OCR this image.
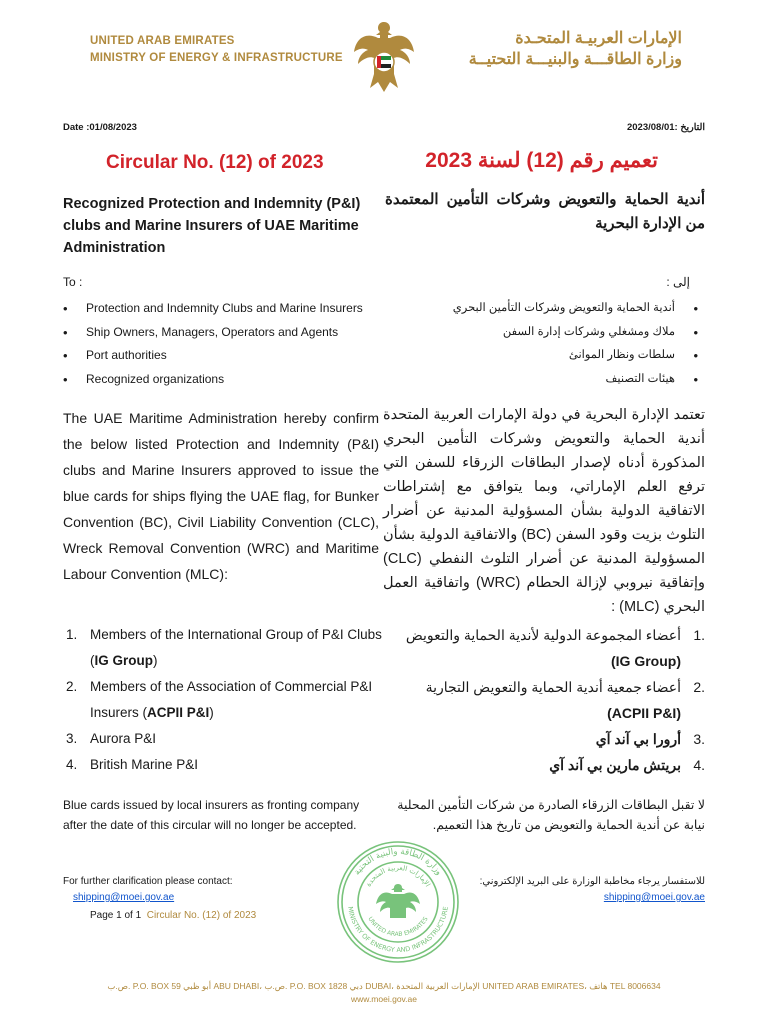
UNITED ARAB EMIRATES
MINISTRY OF ENERGY & INFRASTRUCTURE
الإمارات العربيـة المتحـدة
وزارة الطاقـــة والبنيـــة التحتيــة
Date :01/08/2023	التاريخ :2023/08/01
Circular No. (12) of 2023	تعميم رقم (12) لسنة 2023
Recognized Protection and Indemnity (P&I) clubs and Marine Insurers of UAE Maritime Administration
أندية الحماية والتعويض وشركات التأمين المعتمدة من الإدارة البحرية
To :	إلى :
• Protection and Indemnity Clubs and Marine Insurers
• Ship Owners, Managers, Operators and Agents
• Port authorities
• Recognized organizations
• أندية الحماية والتعويض وشركات التأمين البحري
• ملاك ومشغلي وشركات إدارة السفن
• سلطات ونظار الموانئ
• هيئات التصنيف
The UAE Maritime Administration hereby confirm the below listed Protection and Indemnity (P&I) clubs and Marine Insurers approved to issue the blue cards for ships flying the UAE flag, for Bunker Convention (BC), Civil Liability Convention (CLC), Wreck Removal Convention (WRC) and Maritime Labour Convention (MLC):
تعتمد الإدارة البحرية في دولة الإمارات العربية المتحدة أندية الحماية والتعويض وشركات التأمين البحري المذكورة أدناه لإصدار البطاقات الزرقاء للسفن التي ترفع العلم الإماراتي، وبما يتوافق مع إشتراطات الاتفاقية الدولية بشأن المسؤولية المدنية عن أضرار التلوث بزيت وقود السفن (BC) والاتفاقية الدولية بشأن المسؤولية المدنية عن أضرار التلوث النفطي (CLC) وإتفاقية نيروبي لإزالة الحطام (WRC) واتفاقية العمل البحري (MLC) :
1. Members of the International Group of P&I Clubs (IG Group)
2. Members of the Association of Commercial P&I Insurers (ACPII P&I)
3. Aurora P&I
4. British Marine P&I
.1
أعضاء المجموعة الدولية لأندية الحماية والتعويض
(IG Group)
.2
أعضاء جمعية أندية الحماية والتعويض التجارية
(ACPII P&I)
.3
أرورا بي آند آي
.4
بريتش مارين بي آند آي
Blue cards issued by local insurers as fronting company after the date of this circular will no longer be accepted.
لا تقبل البطاقات الزرقاء الصادرة من شركات التأمين المحلية نيابة عن أندية الحماية والتعويض من تاريخ هذا التعميم.
For further clarification please contact:
shipping@moei.gov.ae
للاستفسار يرجاء مخاطبة الوزارة على البريد الإلكتروني:
shipping@moei.gov.ae
Page 1 of 1 Circular No. (12) of 2023
وزارة الطاقة والبنية التحتية
MINISTRY OF ENERGY AND INFRASTRUCTURE
الإمارات العربية المتحدة
UNITED ARAB EMIRATES
ص.ب. P.O. BOX 59 أبو ظبي ABU DHABI، ص.ب. P.O. BOX 1828 دبي DUBAI، الإمارات العربية المتحدة UNITED ARAB EMIRATES، هاتف TEL 8006634
www.moei.gov.ae
